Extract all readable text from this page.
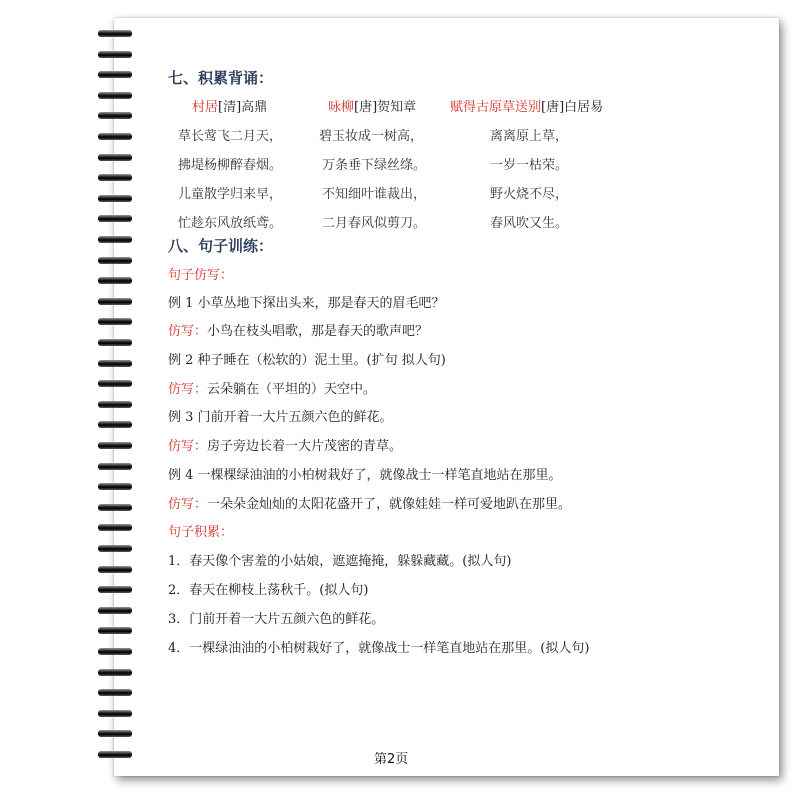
七、积累背诵：
村居[清]高鼎	咏柳[唐]贺知章	赋得古原草送别[唐]白居易
草长莺飞二月天，
拂堤杨柳醉春烟。
儿童散学归来早，
忙趁东风放纸鸢。
碧玉妆成一树高，
万条垂下绿丝绦。
不知细叶谁裁出，
二月春风似剪刀。
离离原上草，
一岁一枯荣。
野火烧不尽，
春风吹又生。
八、句子训练：
句子仿写：
例 1 小草丛地下探出头来，那是春天的眉毛吧？
仿写：小鸟在枝头唱歌，那是春天的歌声吧？
例 2 种子睡在（松软的）泥土里。(扩句 拟人句)
仿写：云朵躺在（平坦的）天空中。
例 3 门前开着一大片五颜六色的鲜花。
仿写：房子旁边长着一大片茂密的青草。
例 4 一棵棵绿油油的小柏树栽好了，就像战士一样笔直地站在那里。
仿写：一朵朵金灿灿的太阳花盛开了，就像娃娃一样可爱地趴在那里。
句子积累：
1．春天像个害羞的小姑娘，遮遮掩掩，躲躲藏藏。(拟人句)
2．春天在柳枝上荡秋千。(拟人句)
3．门前开着一大片五颜六色的鲜花。
4．一棵绿油油的小柏树栽好了，就像战士一样笔直地站在那里。(拟人句)
第2页
